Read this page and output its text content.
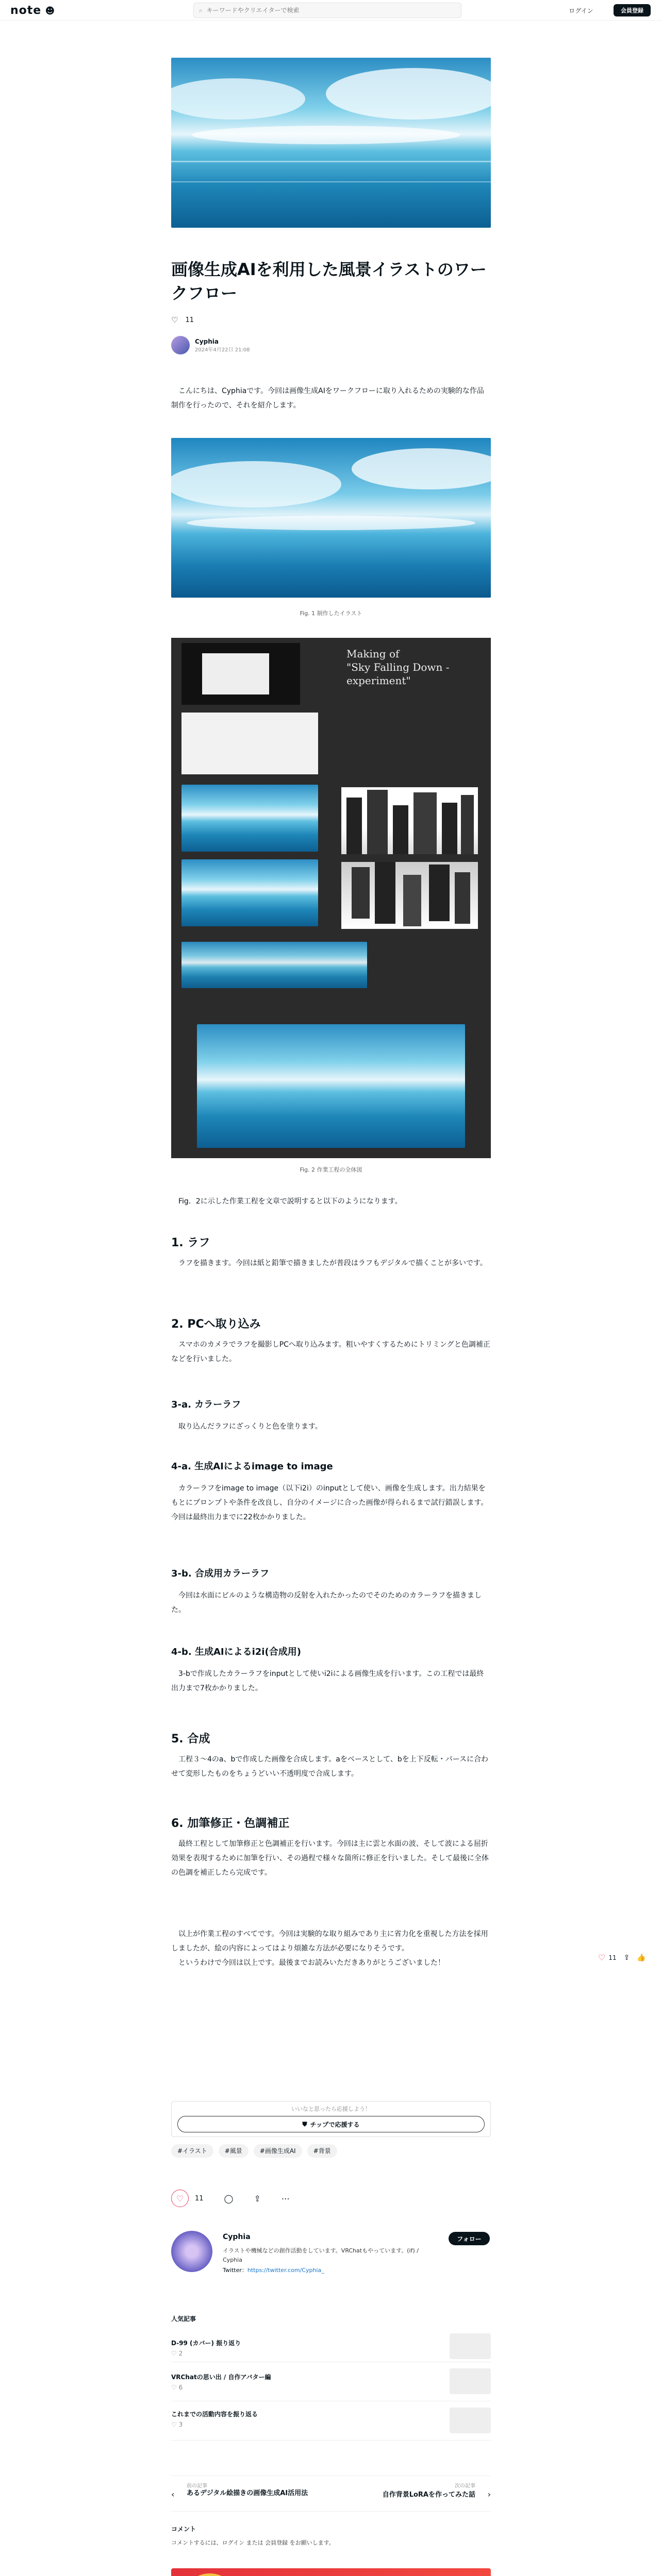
note ☻	⌕
キーワードやクリエイターで検索	ログイン	会員登録
画像生成AIを利用した風景イラストのワークフロー
♡ 11
Cyphia
2024年4月22日 21:08

　こんにちは、Cyphiaです。今回は画像生成AIをワークフローに取り入れるための実験的な作品制作を行ったので、それを紹介します。

Fig. 1 制作したイラスト
Making of
"Sky Falling Down - experiment"
Fig. 2 作業工程の全体図

　Fig．2に示した作業工程を文章で説明すると以下のようになります。

1. ラフ

　ラフを描きます。今回は紙と鉛筆で描きましたが普段はラフもデジタルで描くことが多いです。

2. PCへ取り込み

　スマホのカメラでラフを撮影しPCへ取り込みます。粗いやすくするためにトリミングと色調補正などを行いました。

3-a. カラーラフ

　取り込んだラフにざっくりと色を塗ります。

4-a. 生成AIによるimage to image

　カラーラフをimage to image（以下i2i）のinputとして使い、画像を生成します。出力結果をもとにプロンプトや条件を改良し、自分のイメージに合った画像が得られるまで試行錯誤します。今回は最終出力までに22枚かかりました。

3-b. 合成用カラーラフ

　今回は水面にビルのような構造物の反射を入れたかったのでそのためのカラーラフを描きました。

4-b. 生成AIによるi2i(合成用)

　3-bで作成したカラーラフをinputとして使いi2iによる画像生成を行います。この工程では最終出力まで7枚かかりました。

5. 合成

　工程３～4のa、bで作成した画像を合成します。aをベースとして、bを上下反転・パースに合わせて変形したものをちょうどいい不透明度で合成します。

6. 加筆修正・色調補正

　最終工程として加筆修正と色調補正を行います。今回は主に雲と水面の波、そして波による屈折効果を表現するために加筆を行い、その過程で様々な箇所に修正を行いました。そして最後に全体の色調を補正したら完成です。

　以上が作業工程のすべてです。今回は実験的な取り組みであり主に省力化を重視した方法を採用しましたが、絵の内容によってはより煩雑な方法が必要になりそうです。
　というわけで今回は以上です。最後までお読みいただきありがとうございました！

♡ 11 ⇪ 👍
いいなと思ったら応援しよう！
⛊ チップで応援する
#イラスト	#風景	#画像生成AI	#背景
♡	11	◯	⇪	⋯
Cyphia	フォロー
イラストや機械などの創作活動をしています。VRChatもやっています。(if) / Cyphia
Twitter：https://twitter.com/Cyphia_
人気記事
D-99 (カバー) 振り返り
♡ 2
VRChatの思い出 / 自作アバター編
♡ 6
これまでの活動内容を振り返る
♡ 3
‹
前の記事
あるデジタル絵描きの画像生成AI活用法
次の記事
自作背景LoRAを作ってみた話 ›
コメント
コメントするには、ログイン または 会員登録 をお願いします。
